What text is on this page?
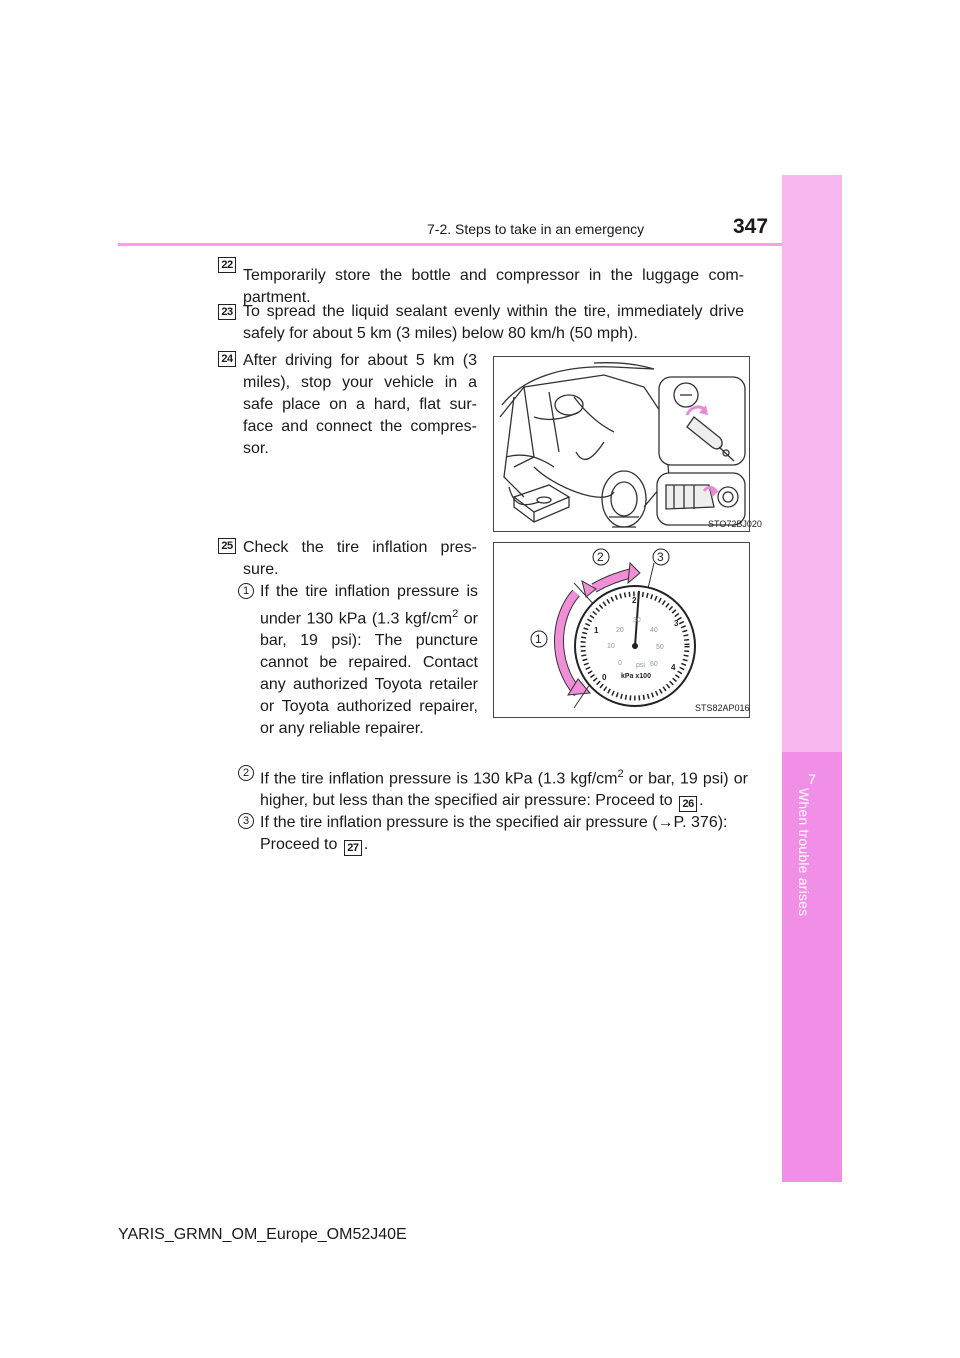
7
When trouble arises
7-2. Steps to take in an emergency	347
22
Temporarily store the bottle and compressor in the luggage com-partment.
23 To spread the liquid sealant evenly within the tire, immediately drive safely for about 5 km (3 miles) below 80 km/h (50 mph).
24 After driving for about 5 km (3 miles), stop your vehicle in a safe place on a hard, flat sur-face and connect the compres-sor.
STO72BJ020
25 Check the tire inflation pres-sure.
1 If the tire inflation pressure is under 130 kPa (1.3 kgf/$cm^2$ or bar, 19 psi): The puncture cannot be repaired. Contact any authorized Toyota retailer or Toyota authorized repairer, or any reliable repairer.
0
1
2
3
4
0
10
20
30
40
50
60
psi
kPa x100
1
2	3
STS82AP016
2 If the tire inflation pressure is 130 kPa (1.3 kgf/$cm^2$ or bar, 19 psi) or higher, but less than the specified air pressure: Proceed to 26 .
3 If the tire inflation pressure is the specified air pressure (→P. 376): Proceed to 27 .
YARIS_GRMN_OM_Europe_OM52J40E
